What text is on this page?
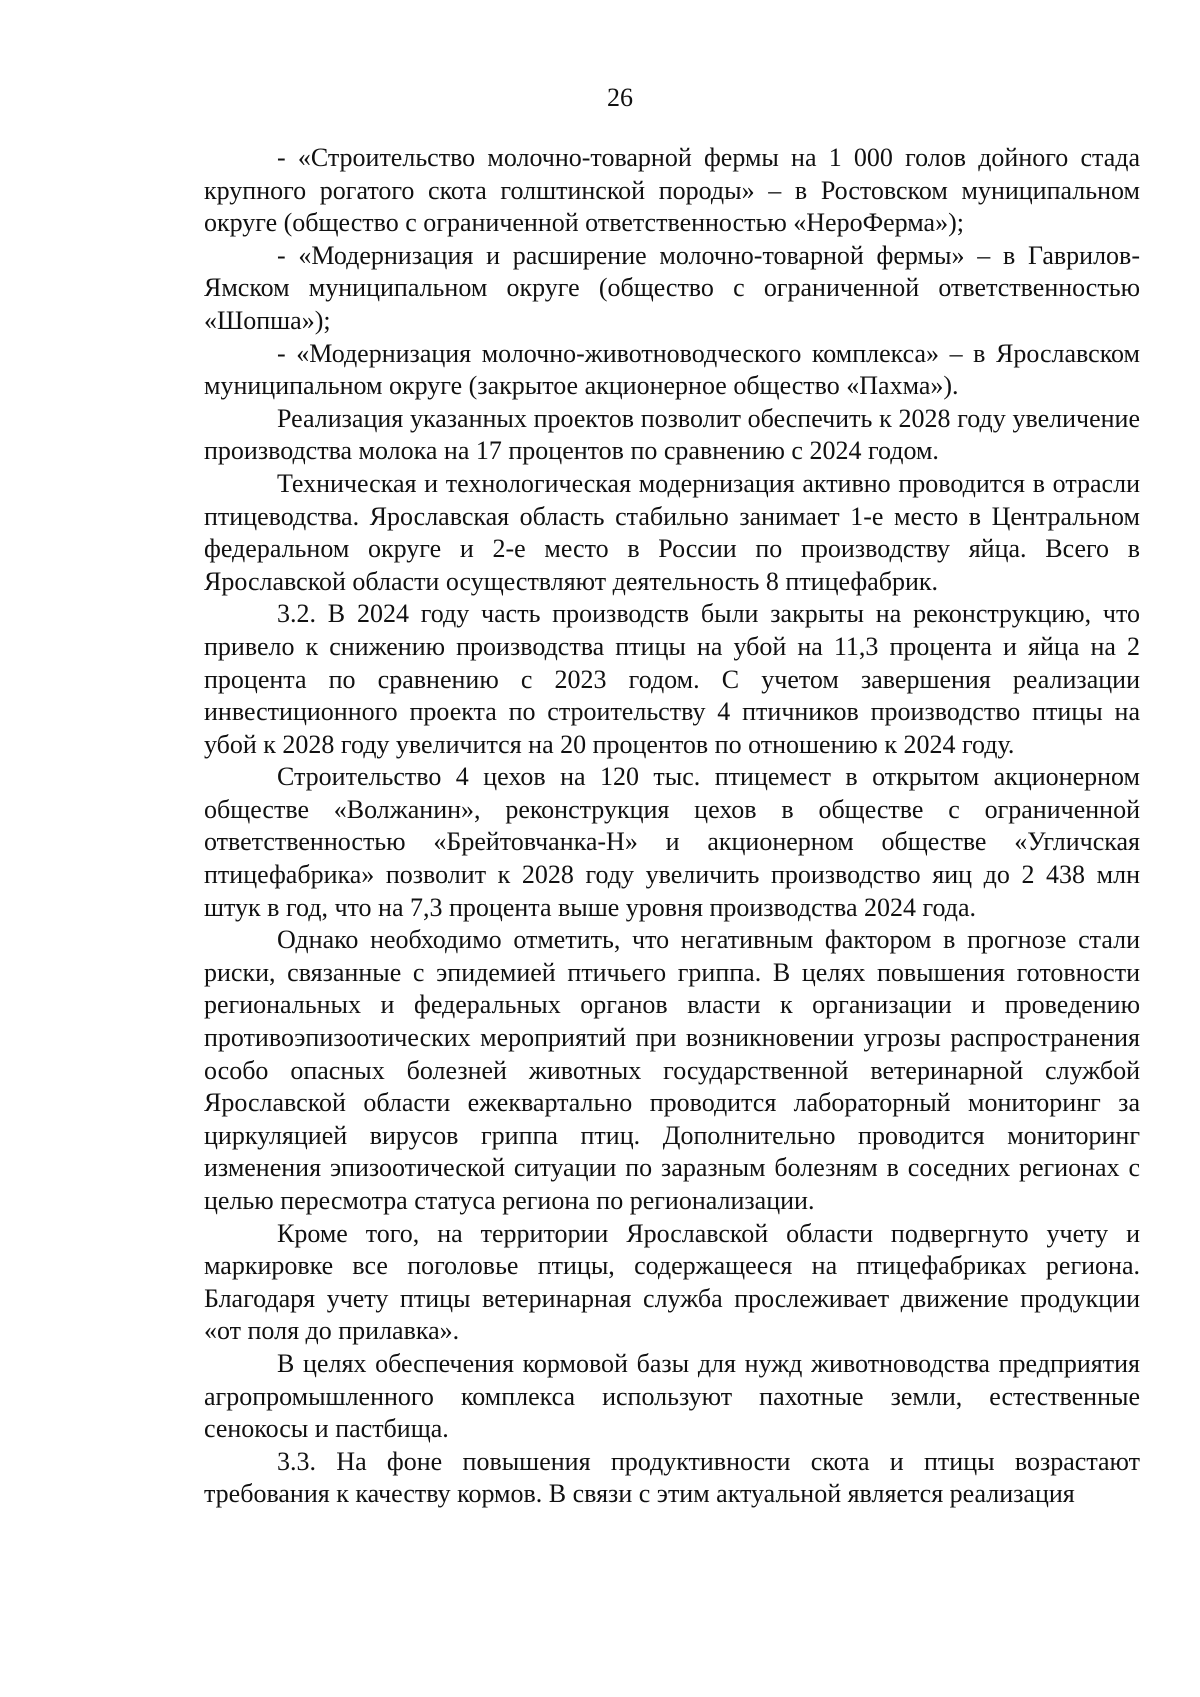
26

- «Строительство молочно-товарной фермы на 1 000 голов дойного стада крупного рогатого скота голштинской породы» – в Ростовском муниципальном округе (общество с ограниченной ответственностью «НероФерма»);

- «Модернизация и расширение молочно-товарной фермы» – в Гаврилов-Ямском муниципальном округе (общество с ограниченной ответственностью «Шопша»);

- «Модернизация молочно-животноводческого комплекса» – в Ярославском муниципальном округе (закрытое акционерное общество «Пахма»).

Реализация указанных проектов позволит обеспечить к 2028 году увеличение производства молока на 17 процентов по сравнению с 2024 годом.

Техническая и технологическая модернизация активно проводится в отрасли птицеводства. Ярославская область стабильно занимает 1-е место в Центральном федеральном округе и 2-е место в России по производству яйца. Всего в Ярославской области осуществляют деятельность 8 птицефабрик.

3.2. В 2024 году часть производств были закрыты на реконструкцию, что привело к снижению производства птицы на убой на 11,3 процента и яйца на 2 процента по сравнению с 2023 годом. С учетом завершения реализации инвестиционного проекта по строительству 4 птичников производство птицы на убой к 2028 году увеличится на 20 процентов по отношению к 2024 году.

Строительство 4 цехов на 120 тыс. птицемест в открытом акционерном обществе «Волжанин», реконструкция цехов в обществе с ограниченной ответственностью «Брейтовчанка-Н» и акционерном обществе «Угличская птицефабрика» позволит к 2028 году увеличить производство яиц до 2 438 млн штук в год, что на 7,3 процента выше уровня производства 2024 года.

Однако необходимо отметить, что негативным фактором в прогнозе стали риски, связанные с эпидемией птичьего гриппа. В целях повышения готовности региональных и федеральных органов власти к организации и проведению противоэпизоотических мероприятий при возникновении угрозы распространения особо опасных болезней животных государственной ветеринарной службой Ярославской области ежеквартально проводится лабораторный мониторинг за циркуляцией вирусов гриппа птиц. Дополнительно проводится мониторинг изменения эпизоотической ситуации по заразным болезням в соседних регионах с целью пересмотра статуса региона по регионализации.

Кроме того, на территории Ярославской области подвергнуто учету и маркировке все поголовье птицы, содержащееся на птицефабриках региона. Благодаря учету птицы ветеринарная служба прослеживает движение продукции «от поля до прилавка».

В целях обеспечения кормовой базы для нужд животноводства предприятия агропромышленного комплекса используют пахотные земли, естественные сенокосы и пастбища.

3.3. На фоне повышения продуктивности скота и птицы возрастают требования к качеству кормов. В связи с этим актуальной является реализация
